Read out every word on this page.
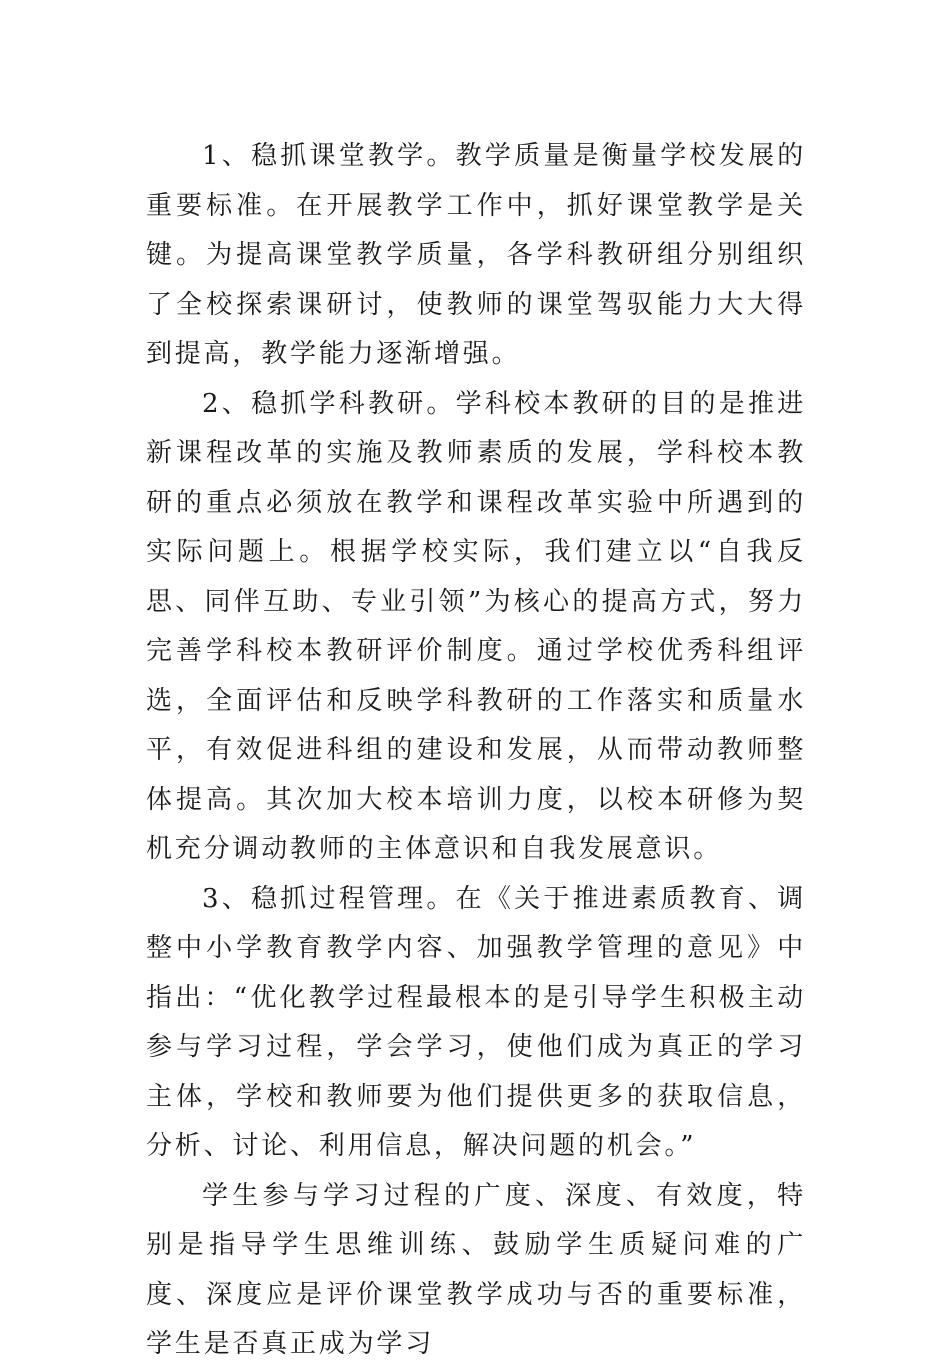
1、稳抓课堂教学。教学质量是衡量学校发展的重要标准。在开展教学工作中，抓好课堂教学是关键。为提高课堂教学质量，各学科教研组分别组织了全校探索课研讨，使教师的课堂驾驭能力大大得到提高，教学能力逐渐增强。

2、稳抓学科教研。学科校本教研的目的是推进新课程改革的实施及教师素质的发展，学科校本教研的重点必须放在教学和课程改革实验中所遇到的实际问题上。根据学校实际，我们建立以“自我反思、同伴互助、专业引领”为核心的提高方式，努力完善学科校本教研评价制度。通过学校优秀科组评选，全面评估和反映学科教研的工作落实和质量水平，有效促进科组的建设和发展，从而带动教师整体提高。其次加大校本培训力度，以校本研修为契机充分调动教师的主体意识和自我发展意识。

3、稳抓过程管理。在《关于推进素质教育、调整中小学教育教学内容、加强教学管理的意见》中指出：“优化教学过程最根本的是引导学生积极主动参与学习过程，学会学习，使他们成为真正的学习主体，学校和教师要为他们提供更多的获取信息，分析、讨论、利用信息，解决问题的机会。”

学生参与学习过程的广度、深度、有效度，特别是指导学生思维训练、鼓励学生质疑问难的广度、深度应是评价课堂教学成功与否的重要标准，学生是否真正成为学习
